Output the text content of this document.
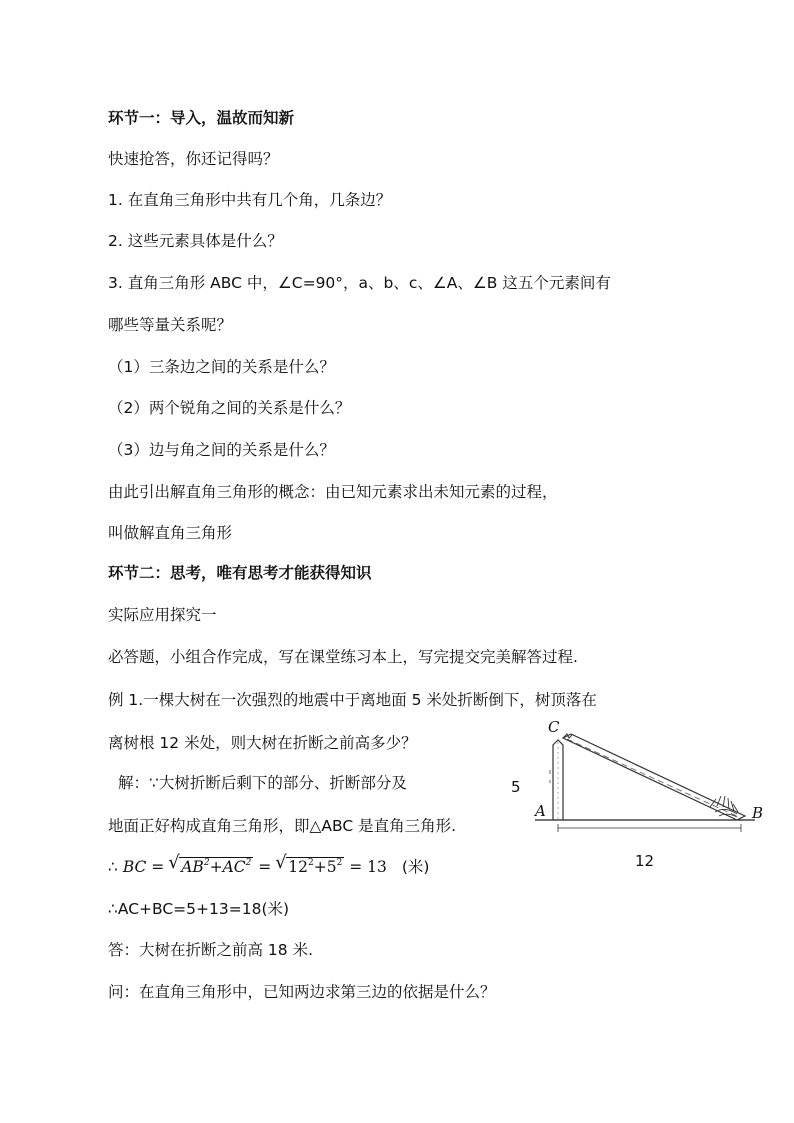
环节一：导入，温故而知新
快速抢答，你还记得吗？
1. 在直角三角形中共有几个角，几条边？
2. 这些元素具体是什么？
3. 直角三角形 ABC 中，∠C=90°，a、b、c、∠A、∠B 这五个元素间有
哪些等量关系呢？
（1）三条边之间的关系是什么？
（2）两个锐角之间的关系是什么？
（3）边与角之间的关系是什么？
由此引出解直角三角形的概念：由已知元素求出未知元素的过程，
叫做解直角三角形
环节二：思考，唯有思考才能获得知识
实际应用探究一
必答题，小组合作完成，写在课堂练习本上，写完提交完美解答过程.
例 1.一棵大树在一次强烈的地震中于离地面 5 米处折断倒下，树顶落在
离树根 12 米处，则大树在折断之前高多少？
解：∵大树折断后剩下的部分、折断部分及
地面正好构成直角三角形，即△ABC 是直角三角形.
∴ BC = √ $AB^2+AC^2$ = √ $12^2+5^2 = 13$ (米)
∴AC+BC=5+13=18(米)
答：大树在折断之前高 18 米.
问：在直角三角形中，已知两边求第三边的依据是什么？
C
A	B
5
12
